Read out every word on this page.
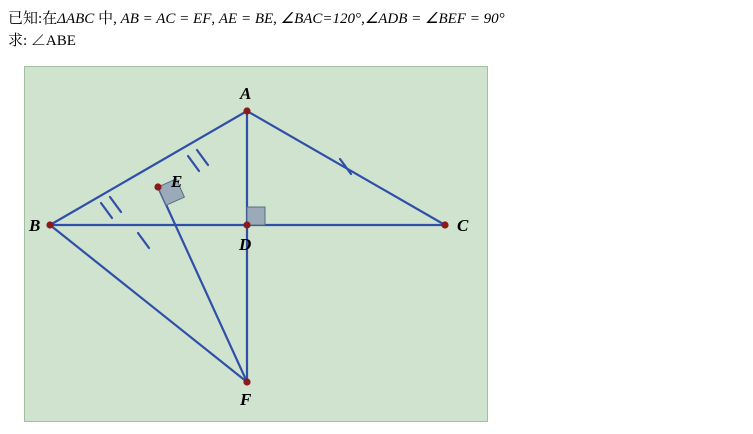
已知:在ΔABC 中, AB = AC = EF, AE = BE, ∠BAC=120°,∠ADB = ∠BEF = 90°
求: ∠ABE
A
B	C
D
E
F
